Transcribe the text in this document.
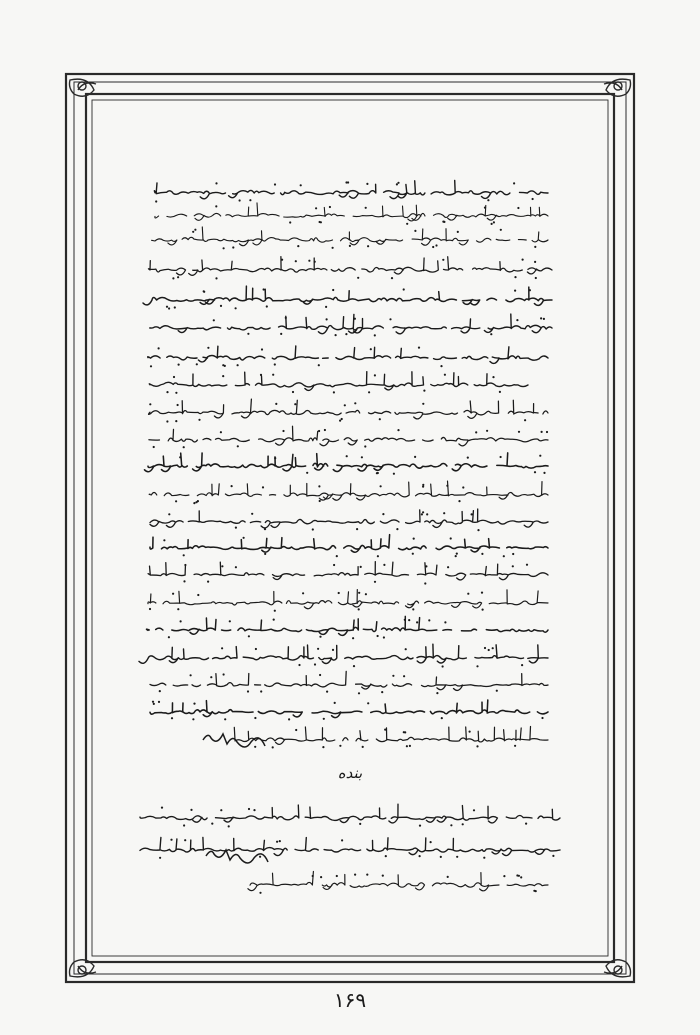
بنده
۱۶۹
